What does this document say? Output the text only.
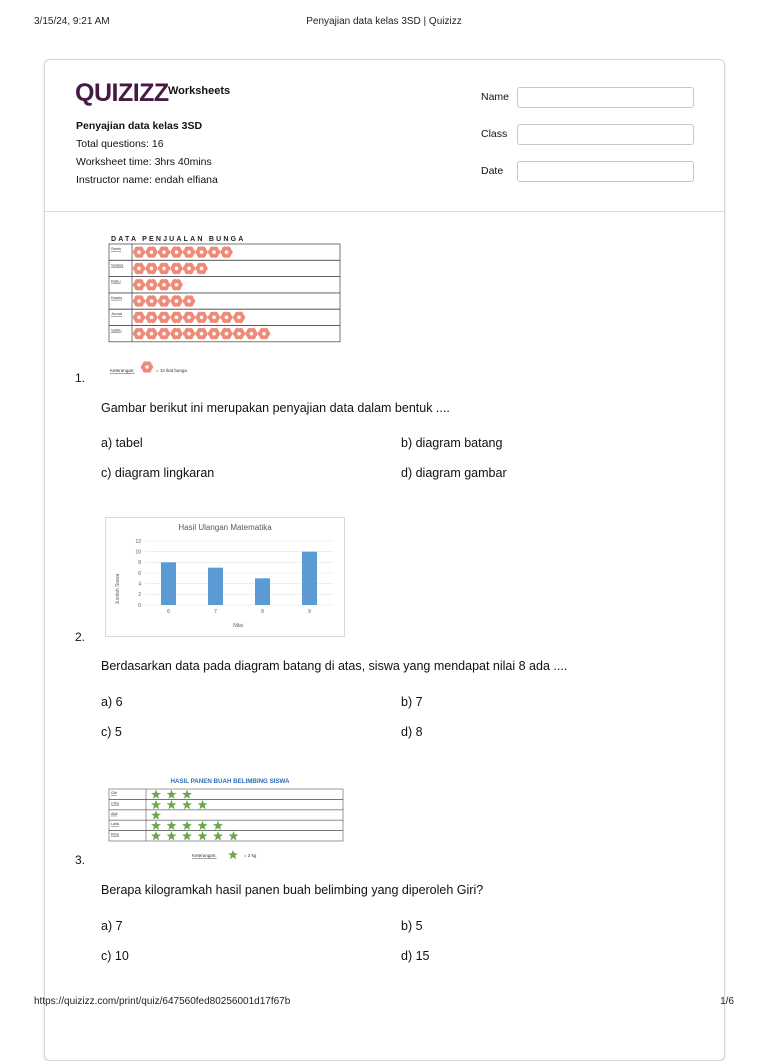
3/15/24, 9:21 AM	Penyajian data kelas 3SD | Quizizz
QUIZIZZ Worksheets
Penyajian data kelas 3SD
Total questions: 16
Worksheet time: 3hrs 40mins
Instructor name: endah elfiana
Name
Class
Date
DATA PENJUALAN BUNGA
Senin
Selasa
Rabu
Kamis
Jumat
Sabtu
Keterangan:	= 10 ikat bunga
1.
Gambar berikut ini merupakan penyajian data dalam bentuk ....
a) tabel	b) diagram batang
c) diagram lingkaran	d) diagram gambar
Hasil Ulangan Matematika
Jumlah Siswa
Nilai
0
2
4
6
8
10
12
6	7	8	9
2.
Berdasarkan data pada diagram batang di atas, siswa yang mendapat nilai 8 ada ....
a) 6	b) 7
c) 5	d) 8
HASIL PANEN BUAH BELIMBING SISWA
Giri
Citra
Aldi
Laila
Rina
Keterangan:	= 2 kg
3.
Berapa kilogramkah hasil panen buah belimbing yang diperoleh Giri?
a) 7	b) 5
c) 10	d) 15
https://quizizz.com/print/quiz/647560fed80256001d17f67b	1/6
